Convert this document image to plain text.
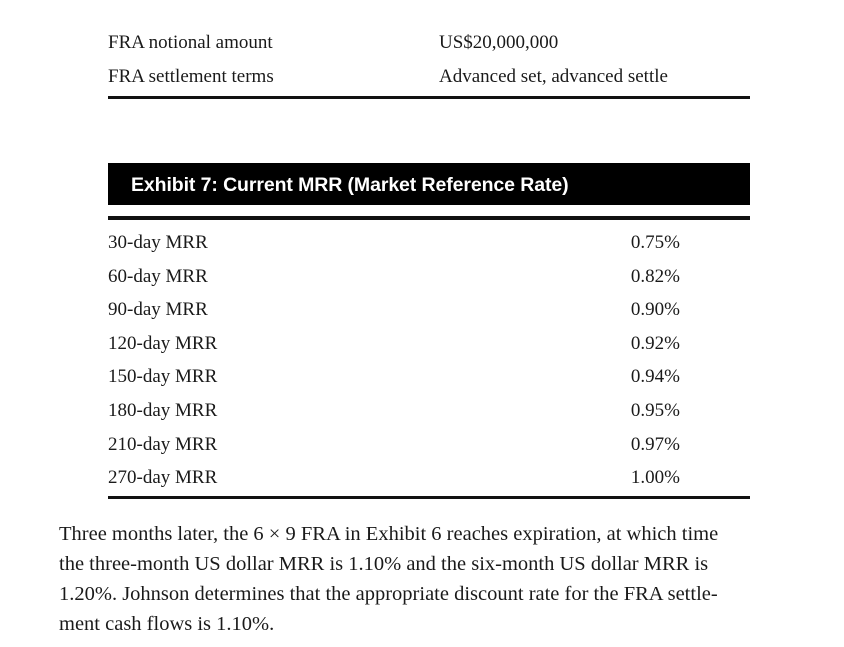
FRA notional amount	US$20,000,000
FRA settlement terms	Advanced set, advanced settle
Exhibit 7: Current MRR (Market Reference Rate)
30-day MRR	0.75%
60-day MRR	0.82%
90-day MRR	0.90%
120-day MRR	0.92%
150-day MRR	0.94%
180-day MRR	0.95%
210-day MRR	0.97%
270-day MRR	1.00%

Three months later, the 6 × 9 FRA in Exhibit 6 reaches expiration, at which time
the three-month US dollar MRR is 1.10% and the six-month US dollar MRR is
1.20%. Johnson determines that the appropriate discount rate for the FRA settle-
ment cash flows is 1.10%.
